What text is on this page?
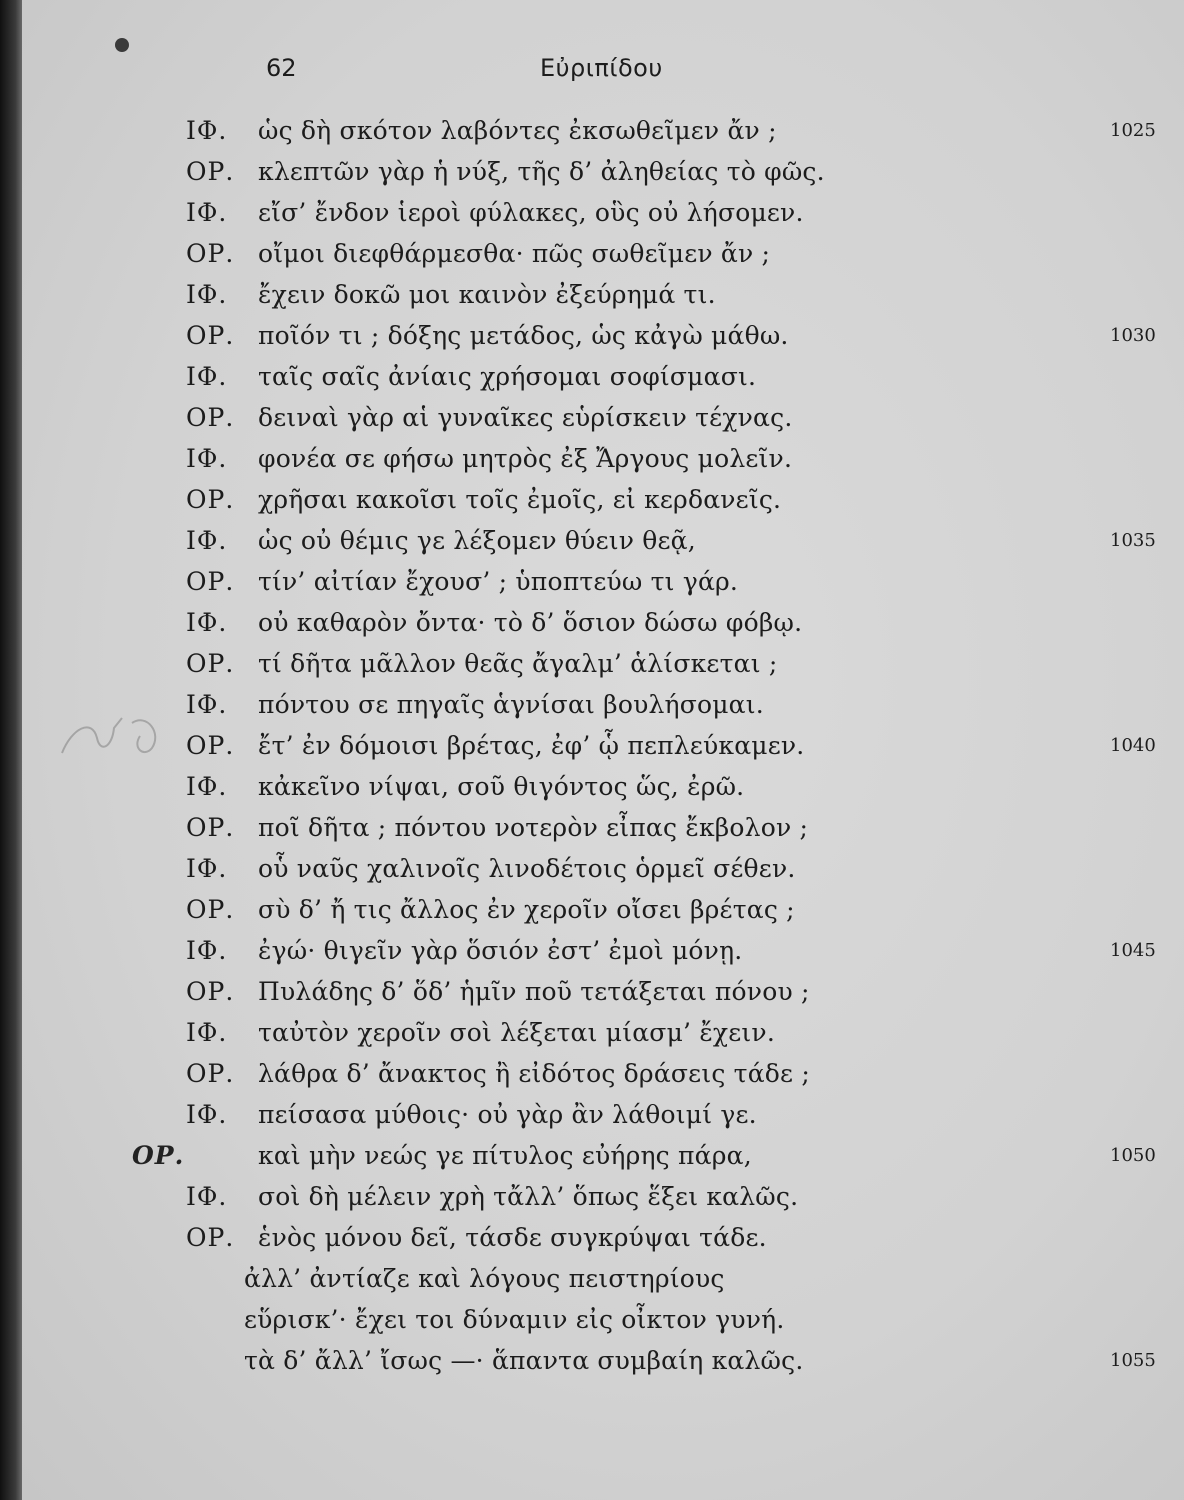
62	Εὐριπίδου
ΙΦ. ὡς δὴ σκότον λαβόντες ἐκσωθεῖμεν ἄν ;	1025
ΟΡ. κλεπτῶν γὰρ ἡ νύξ, τῆς δ’ ἀληθείας τὸ φῶς.
ΙΦ. εἴσ’ ἔνδον ἱεροὶ φύλακες, οὓς οὐ λήσομεν.
ΟΡ. οἴμοι διεφθάρμεσθα· πῶς σωθεῖμεν ἄν ;
ΙΦ. ἔχειν δοκῶ μοι καινὸν ἐξεύρημά τι.
ΟΡ. ποῖόν τι ; δόξης μετάδος, ὡς κἀγὼ μάθω.	1030
ΙΦ. ταῖς σαῖς ἀνίαις χρήσομαι σοφίσμασι.
ΟΡ. δειναὶ γὰρ αἱ γυναῖκες εὑρίσκειν τέχνας.
ΙΦ. φονέα σε φήσω μητρὸς ἐξ Ἄργους μολεῖν.
ΟΡ. χρῆσαι κακοῖσι τοῖς ἐμοῖς, εἰ κερδανεῖς.
ΙΦ. ὡς οὐ θέμις γε λέξομεν θύειν θεᾷ,	1035
ΟΡ. τίν’ αἰτίαν ἔχουσ’ ; ὑποπτεύω τι γάρ.
ΙΦ. οὐ καθαρὸν ὄντα· τὸ δ’ ὅσιον δώσω φόβῳ.
ΟΡ. τί δῆτα μᾶλλον θεᾶς ἄγαλμ’ ἁλίσκεται ;
ΙΦ. πόντου σε πηγαῖς ἁγνίσαι βουλήσομαι.
ΟΡ. ἔτ’ ἐν δόμοισι βρέτας, ἐφ’ ᾧ πεπλεύκαμεν.	1040
ΙΦ. κἀκεῖνο νίψαι, σοῦ θιγόντος ὥς, ἐρῶ.
ΟΡ. ποῖ δῆτα ; πόντου νοτερὸν εἶπας ἔκβολον ;
ΙΦ. οὗ ναῦς χαλινοῖς λινοδέτοις ὁρμεῖ σέθεν.
ΟΡ. σὺ δ’ ἤ τις ἄλλος ἐν χεροῖν οἴσει βρέτας ;
ΙΦ. ἐγώ· θιγεῖν γὰρ ὅσιόν ἐστ’ ἐμοὶ μόνῃ.	1045
ΟΡ. Πυλάδης δ’ ὅδ’ ἡμῖν ποῦ τετάξεται πόνου ;
ΙΦ. ταὐτὸν χεροῖν σοὶ λέξεται μίασμ’ ἔχειν.
ΟΡ. λάθρα δ’ ἄνακτος ἢ εἰδότος δράσεις τάδε ;
ΙΦ. πείσασα μύθοις· οὐ γὰρ ἂν λάθοιμί γε.
ΟΡ.	καὶ μὴν νεώς γε πίτυλος εὐήρης πάρα,	1050
ΙΦ. σοὶ δὴ μέλειν χρὴ τἄλλ’ ὅπως ἕξει καλῶς.
ΟΡ. ἑνὸς μόνου δεῖ, τάσδε συγκρύψαι τάδε.
ἀλλ’ ἀντίαζε καὶ λόγους πειστηρίους
εὕρισκ’· ἔχει τοι δύναμιν εἰς οἶκτον γυνή.
τὰ δ’ ἄλλ’ ἴσως —· ἅπαντα συμβαίη καλῶς.	1055
